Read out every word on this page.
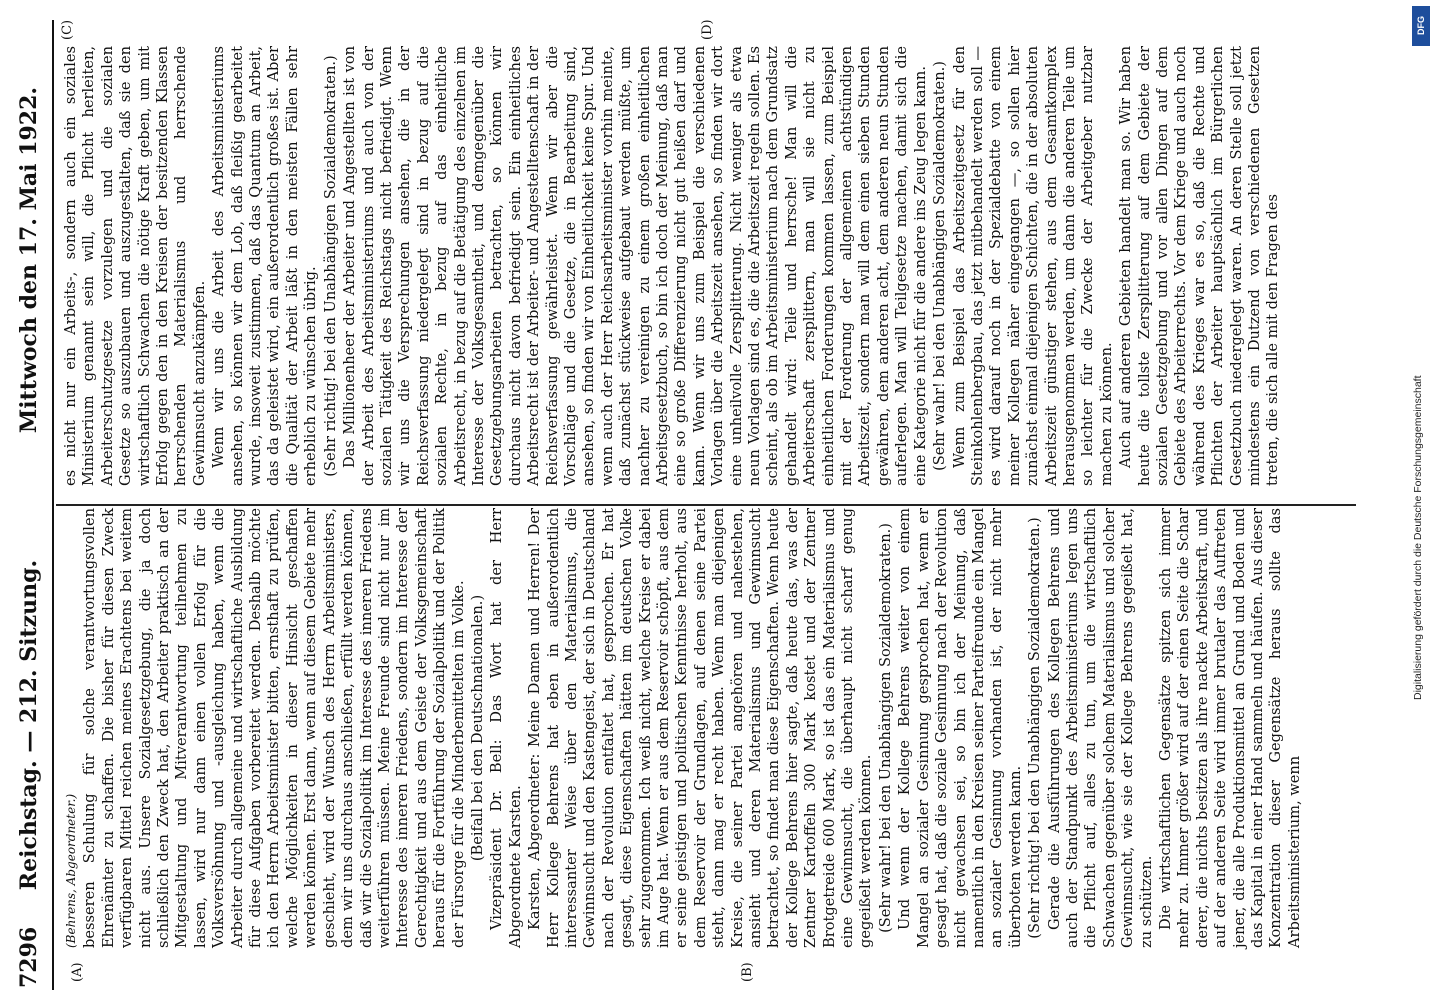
7296
Reichstag. — 212. Sitzung.
Mittwoch den 17. Mai 1922.
(A)	(B)
(C)	(D)

(Behrens, Abgeordneter.) besseren Schulung für solche verantwortungsvollen Ehrenämter zu schaffen. Die bisher für diesen Zweck verfügbaren Mittel reichen meines Erachtens bei weitem nicht aus. Unsere Sozialgesetzgebung, die ja doch schließlich den Zweck hat, den Arbeiter praktisch an der Mitgestaltung und Mitverantwortung teilnehmen zu lassen, wird nur dann einen vollen Erfolg für die Volksversöhnung und -ausgleichung haben, wenn die Arbeiter durch allgemeine und wirtschaftliche Ausbildung für diese Aufgaben vorbereitet werden. Deshalb möchte ich den Herrn Arbeitsminister bitten, ernsthaft zu prüfen, welche Möglichkeiten in dieser Hinsicht geschaffen werden können. Erst dann, wenn auf diesem Gebiete mehr geschieht, wird der Wunsch des Herrn Arbeitsministers, dem wir uns durchaus anschließen, erfüllt werden können, daß wir die Sozialpolitik im Interesse des inneren Friedens weiterführen müssen. Meine Freunde sind nicht nur im Interesse des inneren Friedens, sondern im Interesse der Gerechtigkeit und aus dem Geiste der Volksgemeinschaft heraus für die Fortführung der Sozialpolitik und der Politik der Fürsorge für die Minderbemittelten im Volke. (Beifall bei den Deutschnationalen.) Vizepräsident Dr. Bell: Das Wort hat der Herr Abgeordnete Karsten. Karsten, Abgeordneter: Meine Damen und Herren! Der Herr Kollege Behrens hat eben in außerordentlich interessanter Weise über den Materialismus, die Gewinnsucht und den Kastengeist, der sich in Deutschland nach der Revolution entfaltet hat, gesprochen. Er hat gesagt, diese Eigenschaften hätten im deutschen Volke sehr zugenommen. Ich weiß nicht, welche Kreise er dabei im Auge hat. Wenn er aus dem Reservoir schöpft, aus dem er seine geistigen und politischen Kenntnisse herholt, aus dem Reservoir der Grundlagen, auf denen seine Partei steht, dann mag er recht haben. Wenn man diejenigen Kreise, die seiner Partei angehören und nahestehen, ansieht und deren Materialismus und Gewinnsucht betrachtet, so findet man diese Eigenschaften. Wenn heute der Kollege Behrens hier sagte, daß heute das, was der Zentner Kartoffeln 300 Mark kostet und der Zentner Brotgetreide 600 Mark, so ist das ein Materialismus und eine Gewinnsucht, die überhaupt nicht scharf genug gegeißelt werden können. (Sehr wahr! bei den Unabhängigen Sozialdemokraten.) Und wenn der Kollege Behrens weiter von einem Mangel an sozialer Gesinnung gesprochen hat, wenn er gesagt hat, daß die soziale Gesinnung nach der Revolution nicht gewachsen sei, so bin ich der Meinung, daß namentlich in den Kreisen seiner Parteifreunde ein Mangel an sozialer Gesinnung vorhanden ist, der nicht mehr überboten werden kann. (Sehr richtig! bei den Unabhängigen Sozialdemokraten.) Gerade die Ausführungen des Kollegen Behrens und auch der Standpunkt des Arbeitsministeriums legen uns die Pflicht auf, alles zu tun, um die wirtschaftlich Schwachen gegenüber solchem Materialismus und solcher Gewinnsucht, wie sie der Kollege Behrens gegeißelt hat, zu schützen. Die wirtschaftlichen Gegensätze spitzen sich immer mehr zu. Immer größer wird auf der einen Seite die Schar derer, die nichts besitzen als ihre nackte Arbeitskraft, und auf der anderen Seite wird immer brutaler das Auftreten jener, die alle Produktionsmittel an Grund und Boden und das Kapital in einer Hand sammeln und häufen. Aus dieser Konzentration dieser Gegensätze heraus sollte das Arbeitsministerium, wenn

es nicht nur ein Arbeits-, sondern auch ein soziales Ministerium genannt sein will, die Pflicht herleiten, Arbeiterschutzgesetze vorzulegen und die sozialen Gesetze so auszubauen und auszugestalten, daß sie den wirtschaftlich Schwachen die nötige Kraft geben, um mit Erfolg gegen den in den Kreisen der besitzenden Klassen herrschenden Materialismus und herrschende Gewinnsucht anzukämpfen. Wenn wir uns die Arbeit des Arbeitsministeriums ansehen, so können wir dem Lob, daß fleißig gearbeitet wurde, insoweit zustimmen, daß das Quantum an Arbeit, das da geleistet wird, ein außerordentlich großes ist. Aber die Qualität der Arbeit läßt in den meisten Fällen sehr erheblich zu wünschen übrig. (Sehr richtig! bei den Unabhängigen Sozialdemokraten.) Das Millionenheer der Arbeiter und Angestellten ist von der Arbeit des Arbeitsministeriums und auch von der sozialen Tätigkeit des Reichstags nicht befriedigt. Wenn wir uns die Versprechungen ansehen, die in der Reichsverfassung niedergelegt sind in bezug auf die sozialen Rechte, in bezug auf das einheitliche Arbeitsrecht, in bezug auf die Betätigung des einzelnen im Interesse der Volksgesamtheit, und demgegenüber die Gesetzgebungsarbeiten betrachten, so können wir durchaus nicht davon befriedigt sein. Ein einheitliches Arbeitsrecht ist der Arbeiter- und Angestelltenschaft in der Reichsverfassung gewährleistet. Wenn wir aber die Vorschläge und die Gesetze, die in Bearbeitung sind, ansehen, so finden wir von Einheitlichkeit keine Spur. Und wenn auch der Herr Reichsarbeitsminister vorhin meinte, daß zunächst stückweise aufgebaut werden müßte, um nachher zu vereinigen zu einem großen einheitlichen Arbeitsgesetzbuch, so bin ich doch der Meinung, daß man eine so große Differenzierung nicht gut heißen darf und kann. Wenn wir uns zum Beispiel die verschiedenen Vorlagen über die Arbeitszeit ansehen, so finden wir dort eine unheilvolle Zersplitterung. Nicht weniger als etwa neun Vorlagen sind es, die die Arbeitszeit regeln sollen. Es scheint, als ob im Arbeitsministerium nach dem Grundsatz gehandelt wird: Teile und herrsche! Man will die Arbeiterschaft zersplittern, man will sie nicht zu einheitlichen Forderungen kommen lassen, zum Beispiel mit der Forderung der allgemeinen achtstündigen Arbeitszeit, sondern man will dem einen sieben Stunden gewähren, dem anderen acht, dem anderen neun Stunden auferlegen. Man will Teilgesetze machen, damit sich die eine Kategorie nicht für die andere ins Zeug legen kann. (Sehr wahr! bei den Unabhängigen Sozialdemokraten.) Wenn zum Beispiel das Arbeitszeitgesetz für den Steinkohlenbergbau, das jetzt mitbehandelt werden soll — es wird darauf noch in der Spezialdebatte von einem meiner Kollegen näher eingegangen —, so sollen hier zunächst einmal diejenigen Schichten, die in der absoluten Arbeitszeit günstiger stehen, aus dem Gesamtkomplex herausgenommen werden, um dann die anderen Teile um so leichter für die Zwecke der Arbeitgeber nutzbar machen zu können. Auch auf anderen Gebieten handelt man so. Wir haben heute die tollste Zersplitterung auf dem Gebiete der sozialen Gesetzgebung und vor allen Dingen auf dem Gebiete des Arbeiterrechts. Vor dem Kriege und auch noch während des Krieges war es so, daß die Rechte und Pflichten der Arbeiter hauptsächlich im Bürgerlichen Gesetzbuch niedergelegt waren. An deren Stelle soll jetzt mindestens ein Dutzend von verschiedenen Gesetzen treten, die sich alle mit den Fragen des

DFG
Digitalisierung gefördert durch die Deutsche Forschungsgemeinschaft
